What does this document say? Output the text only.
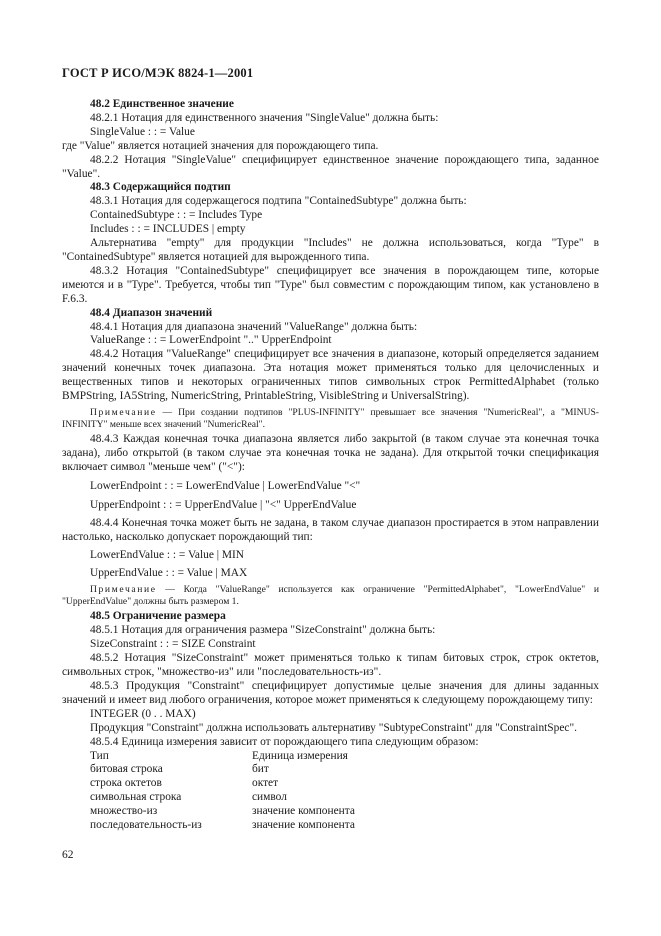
ГОСТ Р ИСО/МЭК 8824-1—2001

48.2 Единственное значение

48.2.1 Нотация для единственного значения "SingleValue" должна быть:

SingleValue : : = Value

где "Value" является нотацией значения для порождающего типа.

48.2.2 Нотация "SingleValue" специфицирует единственное значение порождающего типа, заданное "Value".

48.3 Содержащийся подтип

48.3.1 Нотация для содержащегося подтипа "ContainedSubtype" должна быть:

ContainedSubtype : : = Includes Type

Includes : : = INCLUDES | empty

Альтернатива "empty" для продукции "Includes" не должна использоваться, когда "Type" в "ContainedSubtype" является нотацией для вырожденного типа.

48.3.2 Нотация "ContainedSubtype" специфицирует все значения в порождающем типе, которые имеются и в "Type". Требуется, чтобы тип "Type" был совместим с порождающим типом, как установлено в F.6.3.

48.4 Диапазон значений

48.4.1 Нотация для диапазона значений "ValueRange" должна быть:

ValueRange : : = LowerEndpoint ".." UpperEndpoint

48.4.2 Нотация "ValueRange" специфицирует все значения в диапазоне, который определяется заданием значений конечных точек диапазона. Эта нотация может применяться только для целочисленных и вещественных типов и некоторых ограниченных типов символьных строк PermittedAlphabet (только BMPString, IA5String, NumericString, PrintableString, VisibleString и UniversalString).

Примечание — При создании подтипов "PLUS-INFINITY" превышает все значения "NumericReal", а "MINUS-INFINITY" меньше всех значений "NumericReal".

48.4.3 Каждая конечная точка диапазона является либо закрытой (в таком случае эта конечная точка задана), либо открытой (в таком случае эта конечная точка не задана). Для открытой точки спецификация включает символ "меньше чем" ("<"):

LowerEndpoint : : = LowerEndValue | LowerEndValue "<"

UpperEndpoint : : = UpperEndValue | "<" UpperEndValue

48.4.4 Конечная точка может быть не задана, в таком случае диапазон простирается в этом направлении настолько, насколько допускает порождающий тип:

LowerEndValue : : = Value | MIN

UpperEndValue : : = Value | MAX

Примечание — Когда "ValueRange" используется как ограничение "PermittedAlphabet", "LowerEndValue" и "UpperEndValue" должны быть размером 1.

48.5 Ограничение размера

48.5.1 Нотация для ограничения размера "SizeConstraint" должна быть:

SizeConstraint : : = SIZE Constraint

48.5.2 Нотация "SizeConstraint" может применяться только к типам битовых строк, строк октетов, символьных строк, "множество-из" или "последовательность-из".

48.5.3 Продукция "Constraint" специфицирует допустимые целые значения для длины заданных значений и имеет вид любого ограничения, которое может применяться к следующему порождающему типу:

INTEGER (0 . . MAX)

Продукция "Constraint" должна использовать альтернативу "SubtypeConstraint" для "ConstraintSpec".

48.5.4 Единица измерения зависит от порождающего типа следующим образом:

Тип	Единица измерения
битовая строка	бит
строка октетов	октет
символьная строка	символ
множество-из	значение компонента
последовательность-из	значение компонента
62
